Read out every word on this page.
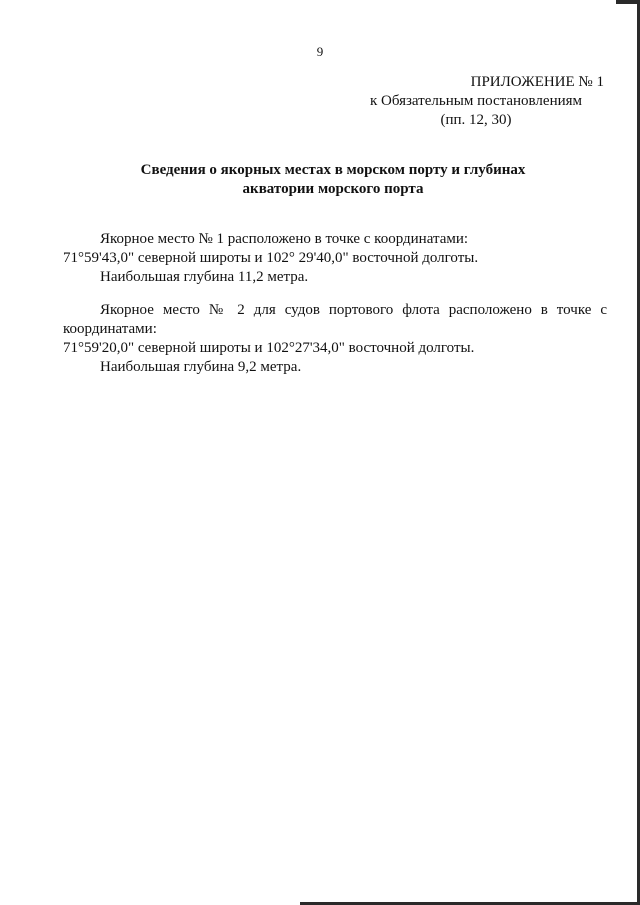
9
ПРИЛОЖЕНИЕ № 1
к Обязательным постановлениям
(пп. 12, 30)
Сведения о якорных местах в морском порту и глубинах
акватории морского порта
Якорное место № 1 расположено в точке с координатами:
71°59'43,0" северной широты и 102° 29'40,0" восточной долготы.
Наибольшая глубина 11,2 метра.
Якорное место № 2 для судов портового флота расположено в точке с координатами:
71°59'20,0" северной широты и 102°27'34,0" восточной долготы.
Наибольшая глубина 9,2 метра.
